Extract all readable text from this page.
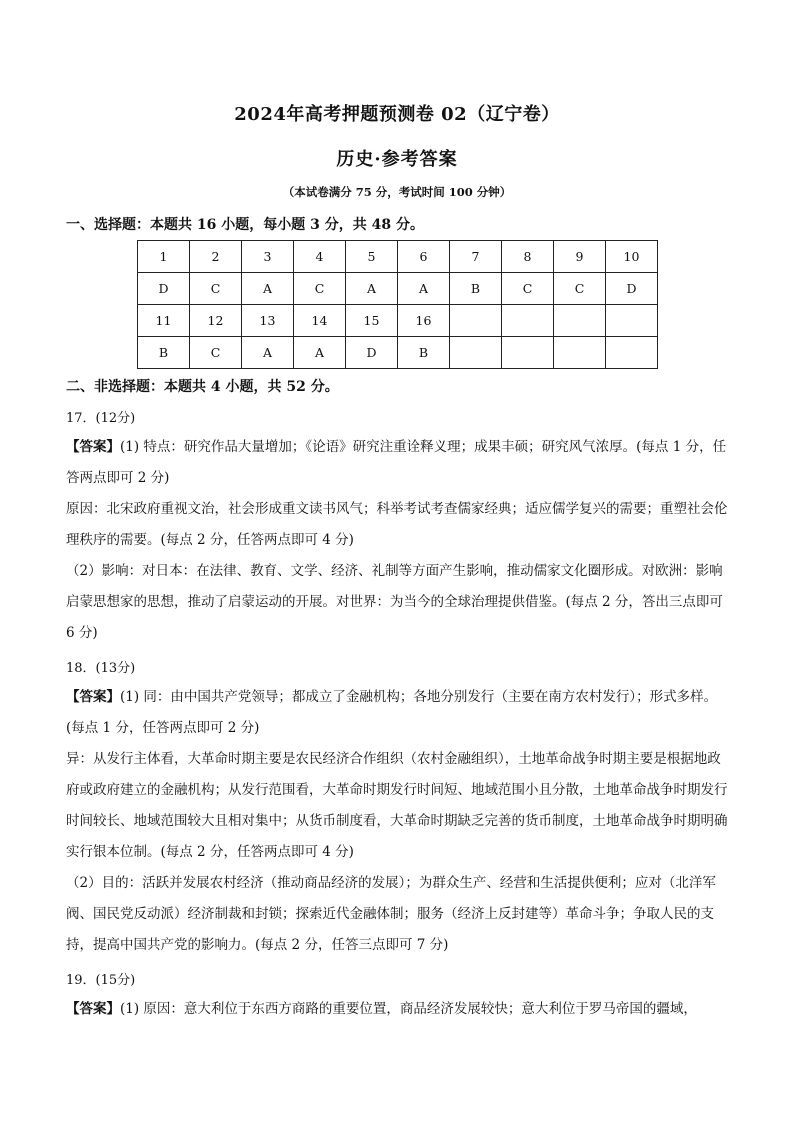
2024年高考押题预测卷 02（辽宁卷）
历史·参考答案
（本试卷满分 75 分，考试时间 100 分钟）
一、选择题：本题共 16 小题，每小题 3 分，共 48 分。
1	2	3	4	5	6	7	8	9	10
D	C	A	C	A	A	B	C	C	D
11	12	13	14	15	16				
B	C	A	A	D	B				
二、非选择题：本题共 4 小题，共 52 分。
17．(12分)
【答案】(1) 特点：研究作品大量增加；《论语》研究注重诠释义理；成果丰硕；研究风气浓厚。(每点 1 分，任答两点即可 2 分)
原因：北宋政府重视文治，社会形成重文读书风气；科举考试考查儒家经典；适应儒学复兴的需要；重塑社会伦理秩序的需要。(每点 2 分，任答两点即可 4 分)
（2）影响：对日本：在法律、教育、文学、经济、礼制等方面产生影响，推动儒家文化圈形成。对欧洲：影响启蒙思想家的思想，推动了启蒙运动的开展。对世界：为当今的全球治理提供借鉴。(每点 2 分，答出三点即可 6 分)
18．(13分)
【答案】(1) 同：由中国共产党领导；都成立了金融机构；各地分别发行（主要在南方农村发行）；形式多样。(每点 1 分，任答两点即可 2 分)
异：从发行主体看，大革命时期主要是农民经济合作组织（农村金融组织），土地革命战争时期主要是根据地政府或政府建立的金融机构；从发行范围看，大革命时期发行时间短、地域范围小且分散，土地革命战争时期发行时间较长、地域范围较大且相对集中；从货币制度看，大革命时期缺乏完善的货币制度，土地革命战争时期明确实行银本位制。(每点 2 分，任答两点即可 4 分)
（2）目的：活跃并发展农村经济（推动商品经济的发展）；为群众生产、经营和生活提供便利；应对（北洋军阀、国民党反动派）经济制裁和封锁；探索近代金融体制；服务（经济上反封建等）革命斗争；争取人民的支持，提高中国共产党的影响力。(每点 2 分，任答三点即可 7 分)
19．(15分)
【答案】(1) 原因：意大利位于东西方商路的重要位置，商品经济发展较快；意大利位于罗马帝国的疆域，
